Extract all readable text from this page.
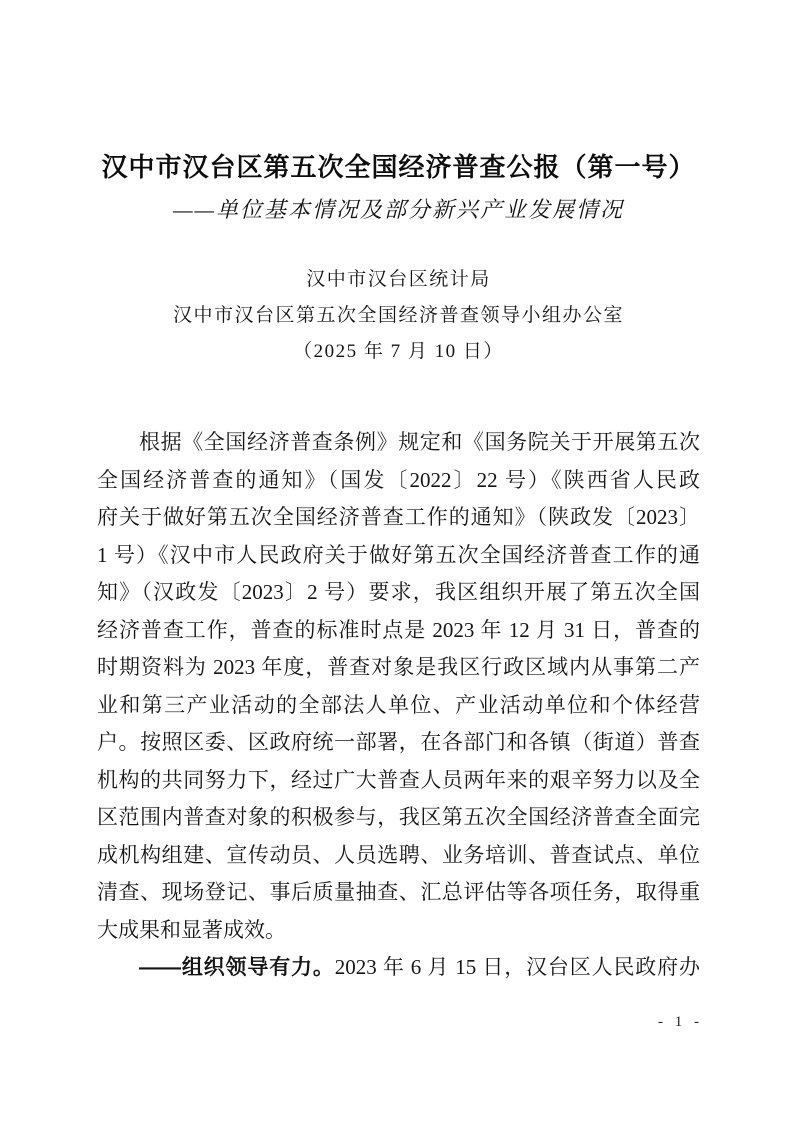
汉中市汉台区第五次全国经济普查公报（第一号）
——单位基本情况及部分新兴产业发展情况
汉中市汉台区统计局
汉中市汉台区第五次全国经济普查领导小组办公室
（2025 年 7 月 10 日）
根据《全国经济普查条例》规定和《国务院关于开展第五次
全国经济普查的通知》（国发〔2022〕22 号）《陕西省人民政
府关于做好第五次全国经济普查工作的通知》（陕政发〔2023〕
1 号）《汉中市人民政府关于做好第五次全国经济普查工作的通
知》（汉政发〔2023〕2 号）要求，我区组织开展了第五次全国
经济普查工作，普查的标准时点是 2023 年 12 月 31 日，普查的
时期资料为 2023 年度，普查对象是我区行政区域内从事第二产
业和第三产业活动的全部法人单位、产业活动单位和个体经营
户。按照区委、区政府统一部署，在各部门和各镇（街道）普查
机构的共同努力下，经过广大普查人员两年来的艰辛努力以及全
区范围内普查对象的积极参与，我区第五次全国经济普查全面完
成机构组建、宣传动员、人员选聘、业务培训、普查试点、单位
清查、现场登记、事后质量抽查、汇总评估等各项任务，取得重
大成果和显著成效。
——组织领导有力。2023 年 6 月 15 日，汉台区人民政府办
- 1 -
